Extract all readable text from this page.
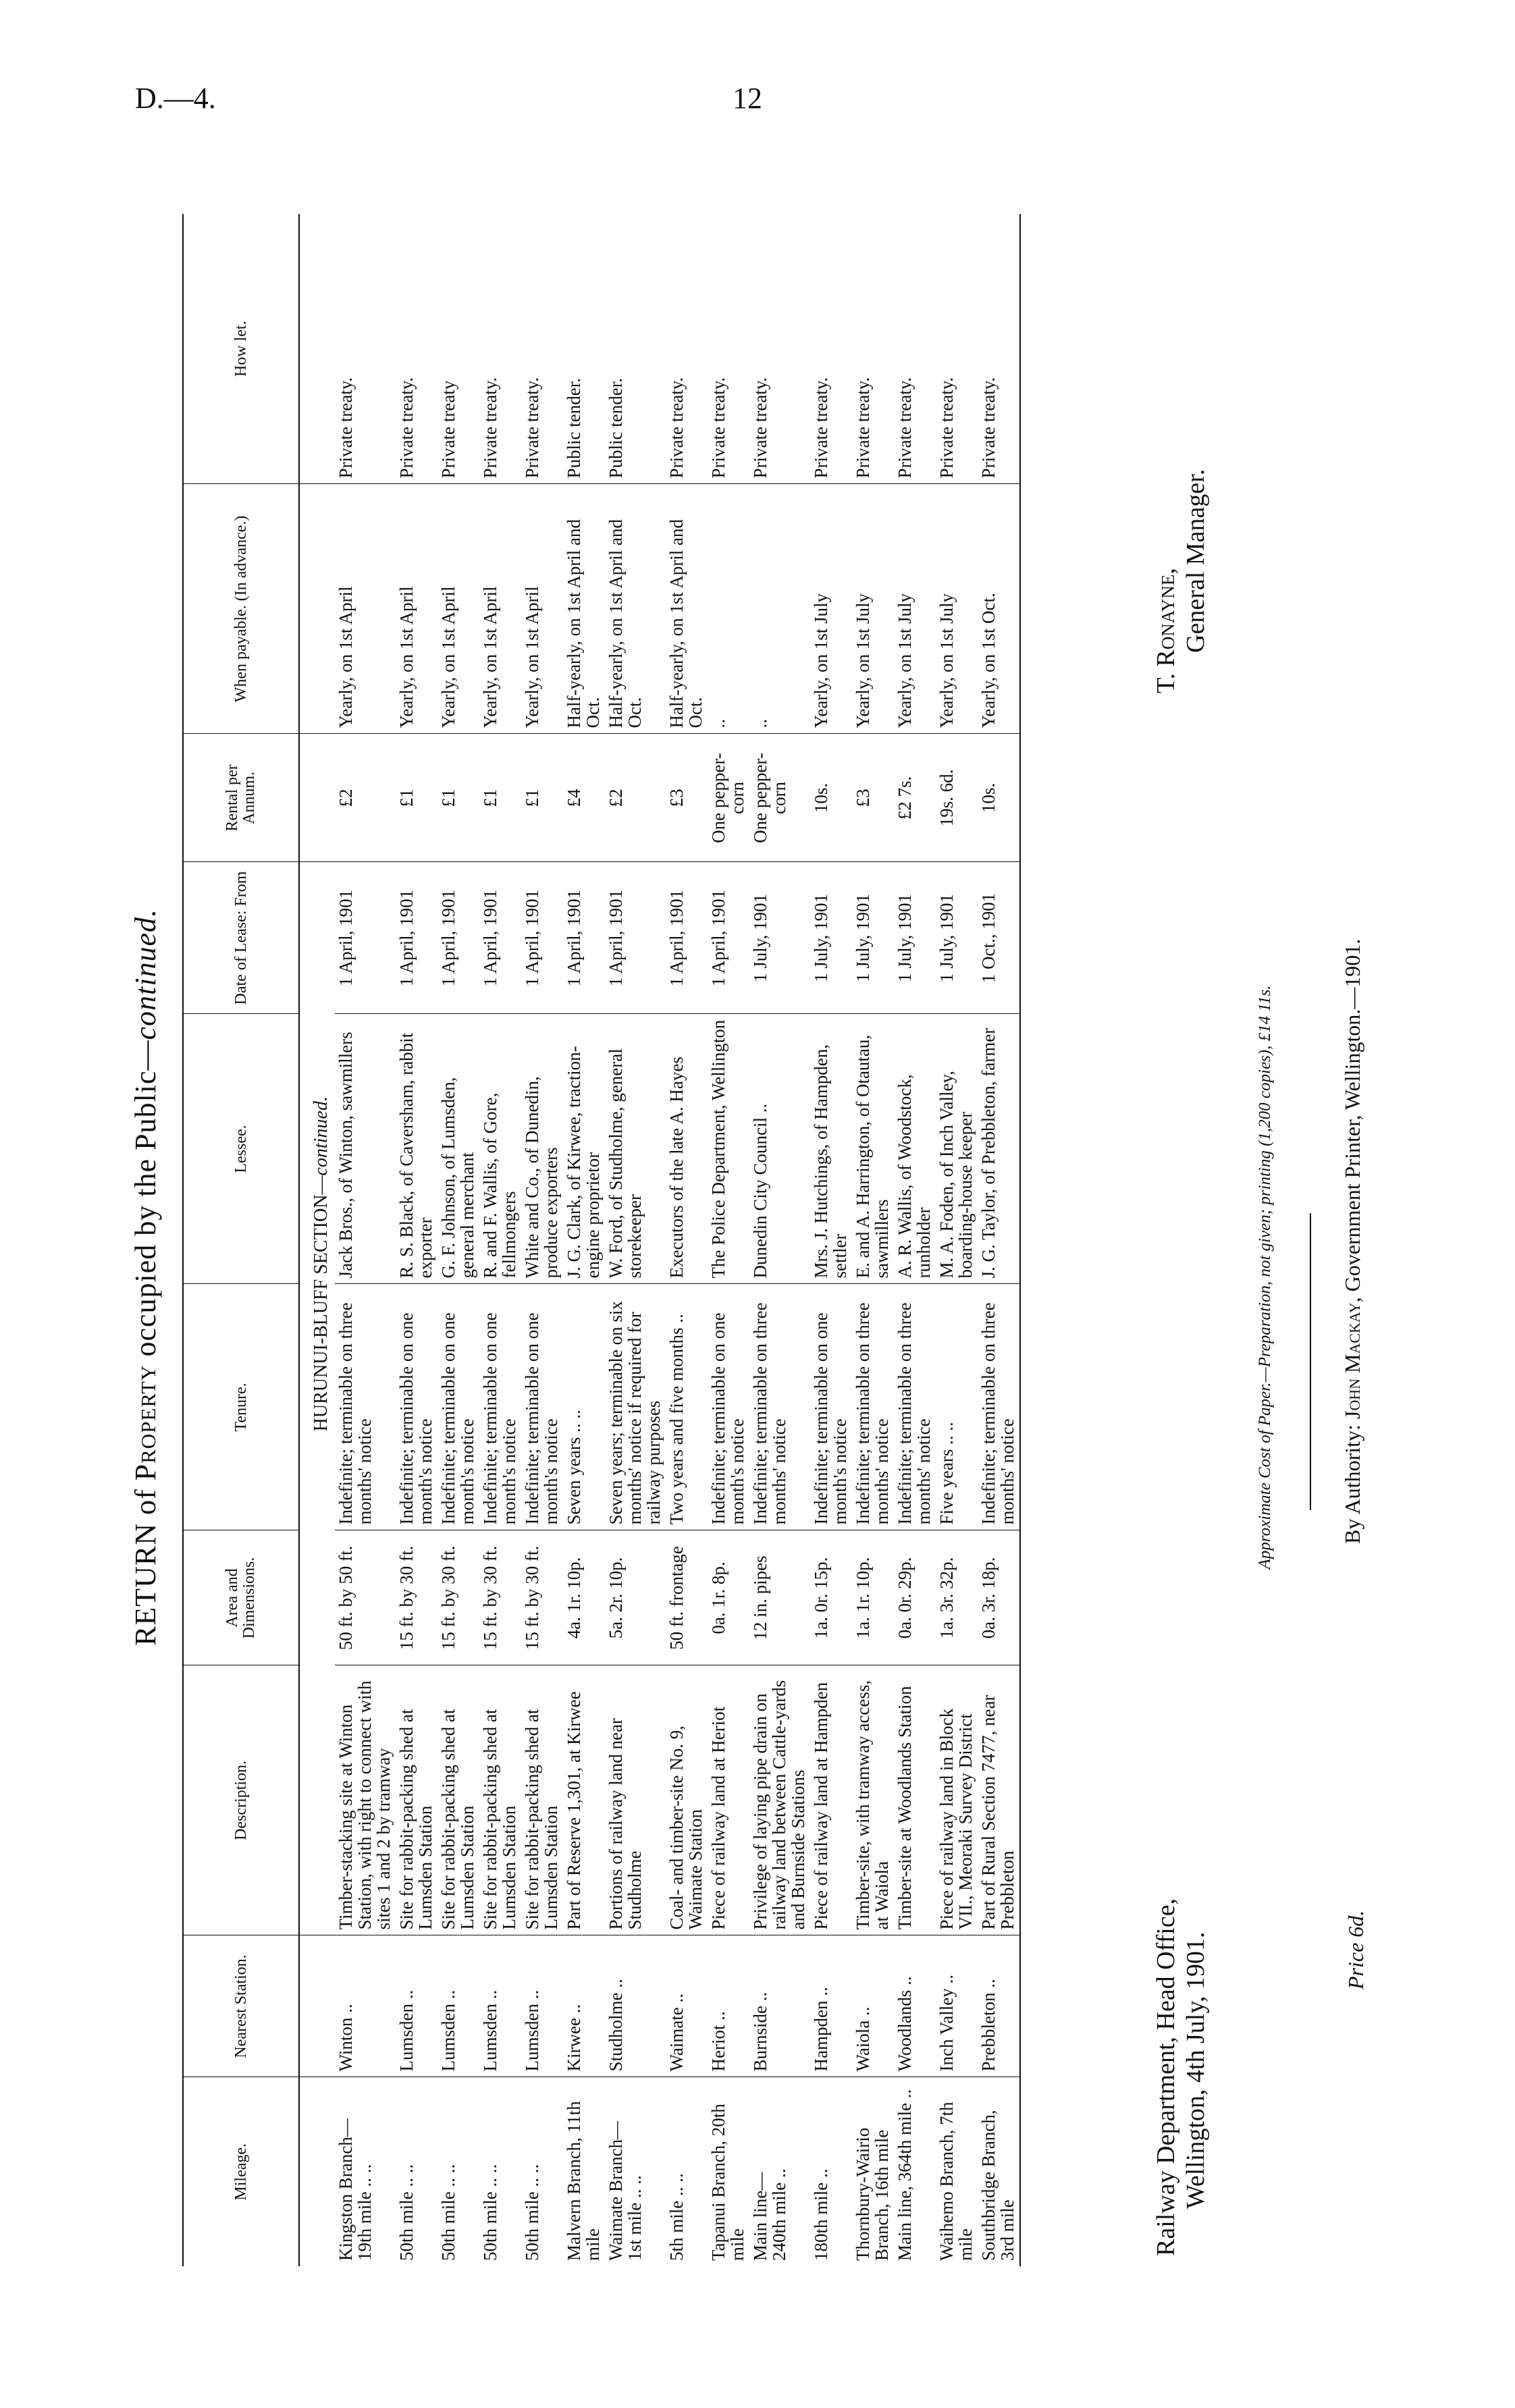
D.—4.	12
RETURN of Property occupied by the Public—continued.
Mileage.	Nearest Station.	Description.	Area and Dimensions.	Tenure.	Lessee.	Date of Lease: From	Rental per Annum.	When payable. (In advance.)	How let.
			HURUNUI-BLUFF SECTION—continued.						
Kingston Branch—
19th mile .. ..	Winton ..	Timber-stacking site at Winton Station, with right to connect with sites 1 and 2 by tramway	50 ft. by 50 ft.	Indefinite; terminable on three months' notice	Jack Bros., of Winton, sawmillers	1 April, 1901	£2	Yearly, on 1st April	Private treaty.
50th mile .. ..	Lumsden ..	Site for rabbit-packing shed at Lumsden Station	15 ft. by 30 ft.	Indefinite; terminable on one month's notice	R. S. Black, of Caversham, rabbit exporter	1 April, 1901	£1	Yearly, on 1st April	Private treaty.
50th mile .. ..	Lumsden ..	Site for rabbit-packing shed at Lumsden Station	15 ft. by 30 ft.	Indefinite; terminable on one month's notice	G. F. Johnson, of Lumsden, general merchant	1 April, 1901	£1	Yearly, on 1st April	Private treaty
50th mile .. ..	Lumsden ..	Site for rabbit-packing shed at Lumsden Station	15 ft. by 30 ft.	Indefinite; terminable on one month's notice	R. and F. Wallis, of Gore, fellmongers	1 April, 1901	£1	Yearly, on 1st April	Private treaty.
50th mile .. ..	Lumsden ..	Site for rabbit-packing shed at Lumsden Station	15 ft. by 30 ft.	Indefinite; terminable on one month's notice	White and Co., of Dunedin, produce exporters	1 April, 1901	£1	Yearly, on 1st April	Private treaty.
Malvern Branch, 11th mile	Kirwee ..	Part of Reserve 1,301, at Kirwee	4a. 1r. 10p.	Seven years .. ..	J. G. Clark, of Kirwee, traction-engine proprietor	1 April, 1901	£4	Half-yearly, on 1st April and Oct.	Public tender.
Waimate Branch—
1st mile .. ..	Studholme ..	Portions of railway land near Studholme	5a. 2r. 10p.	Seven years; terminable on six months' notice if required for railway purposes	W. Ford, of Studholme, general storekeeper	1 April, 1901	£2	Half-yearly, on 1st April and Oct.	Public tender.
5th mile .. ..	Waimate ..	Coal- and timber-site No. 9, Waimate Station	50 ft. frontage	Two years and five months ..	Executors of the late A. Hayes	1 April, 1901	£3	Half-yearly, on 1st April and Oct.	Private treaty.
Tapanui Branch, 20th mile	Heriot ..	Piece of railway land at Heriot	0a. 1r. 8p.	Indefinite; terminable on one month's notice	The Police Department, Wellington	1 April, 1901	One pepper-corn	..	Private treaty.
Main line—
240th mile ..	Burnside ..	Privilege of laying pipe drain on railway land between Cattle-yards and Burnside Stations	12 in. pipes	Indefinite; terminable on three months' notice	Dunedin City Council ..	1 July, 1901	One pepper-corn	..	Private treaty.
180th mile ..	Hampden ..	Piece of railway land at Hampden	1a. 0r. 15p.	Indefinite; terminable on one month's notice	Mrs. J. Hutchings, of Hampden, settler	1 July, 1901	10s.	Yearly, on 1st July	Private treaty.
Thornbury-Wairio Branch, 16th mile	Waiola ..	Timber-site, with tramway access, at Waiola	1a. 1r. 10p.	Indefinite; terminable on three months' notice	E. and A. Harrington, of Otautau, sawmillers	1 July, 1901	£3	Yearly, on 1st July	Private treaty.
Main line, 364th mile ..	Woodlands ..	Timber-site at Woodlands Station	0a. 0r. 29p.	Indefinite; terminable on three months' notice	A. R. Wallis, of Woodstock, runholder	1 July, 1901	£2 7s.	Yearly, on 1st July	Private treaty.
Waihemo Branch, 7th mile	Inch Valley ..	Piece of railway land in Block VII., Meoraki Survey District	1a. 3r. 32p.	Five years .. ..	M. A. Foden, of Inch Valley, boarding-house keeper	1 July, 1901	19s. 6d.	Yearly, on 1st July	Private treaty.
Southbridge Branch, 3rd mile	Prebbleton ..	Part of Rural Section 7477, near Prebbleton	0a. 3r. 18p.	Indefinite; terminable on three months' notice	J. G. Taylor, of Prebbleton, farmer	1 Oct., 1901	10s.	Yearly, on 1st Oct.	Private treaty.
Railway Department, Head Office, Wellington, 4th July, 1901.
T. Ronayne, General Manager.
Approximate Cost of Paper.—Preparation, not given; printing (1,200 copies), £14 11s.
Price 6d.
By Authority: John Mackay, Government Printer, Wellington.—1901.
